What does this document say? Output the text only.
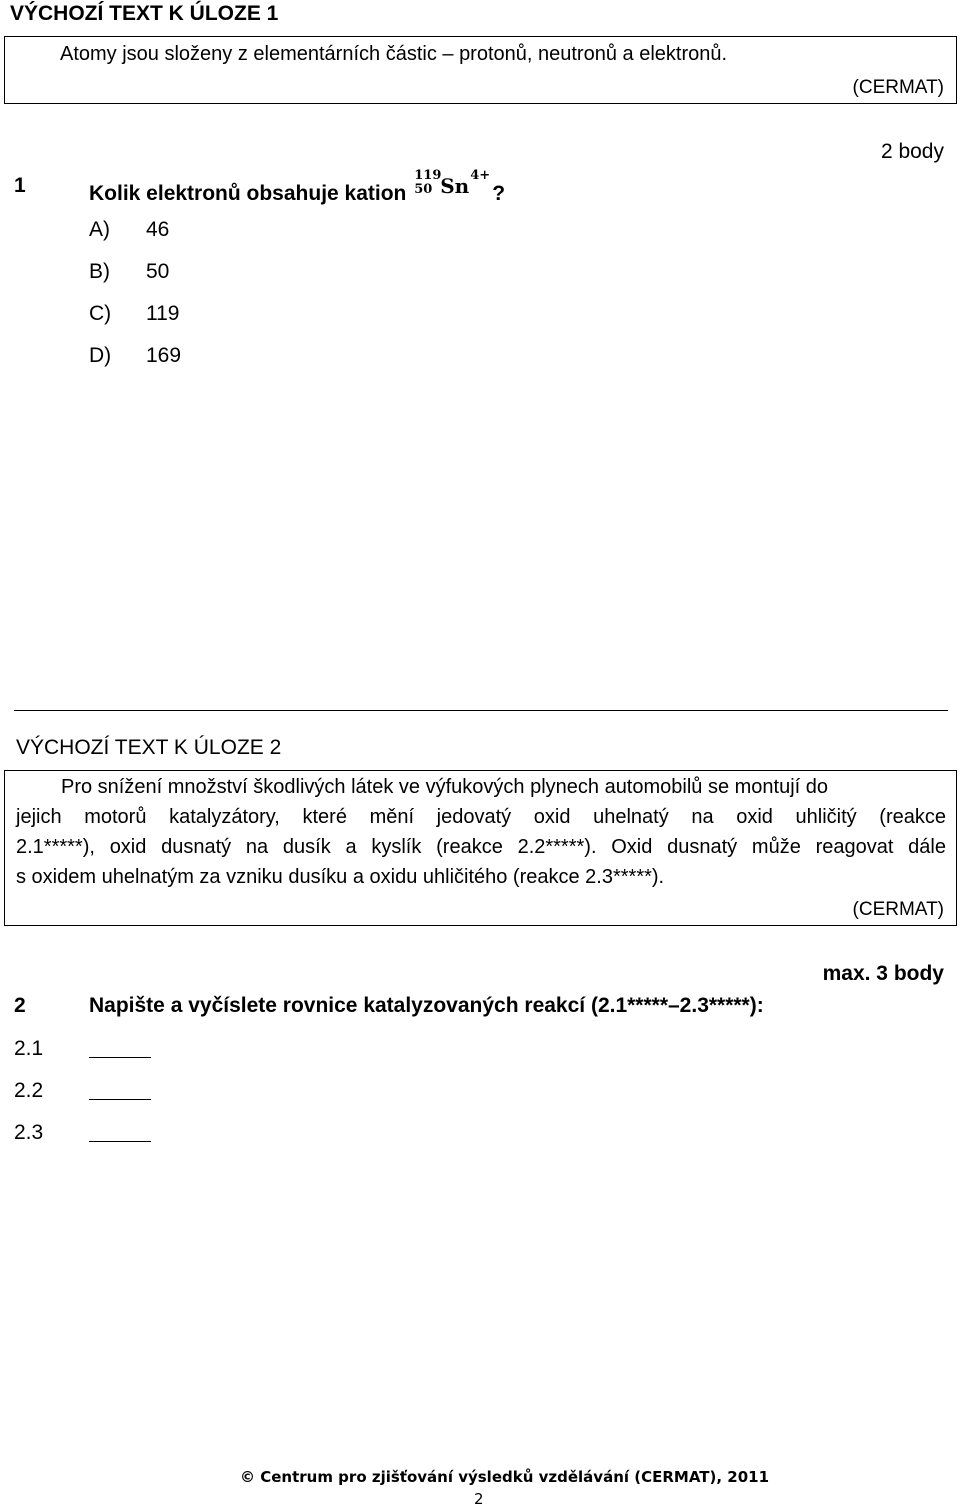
VÝCHOZÍ TEXT K ÚLOZE 1
Atomy jsou složeny z elementárních částic – protonů, neutronů a elektronů.
(CERMAT)
1	Kolik elektronů obsahuje kation
119
50 Sn 4+
?
2 body
A) 46
B) 50
C) 119
D) 169
VÝCHOZÍ TEXT K ÚLOZE 2
Pro snížení množství škodlivých látek ve výfukových plynech automobilů se montují do
jejich motorů katalyzátory, které mění jedovatý oxid uhelnatý na oxid uhličitý (reakce
2.1*****), oxid dusnatý na dusík a kyslík (reakce 2.2*****). Oxid dusnatý může reagovat dále
s oxidem uhelnatým za vzniku dusíku a oxidu uhličitého (reakce 2.3*****).
(CERMAT)
max. 3 body
2	Napište a vyčíslete rovnice katalyzovaných reakcí (2.1*****–2.3*****):
2.1
2.2
2.3
© Centrum pro zjišťování výsledků vzdělávání (CERMAT), 2011
2
